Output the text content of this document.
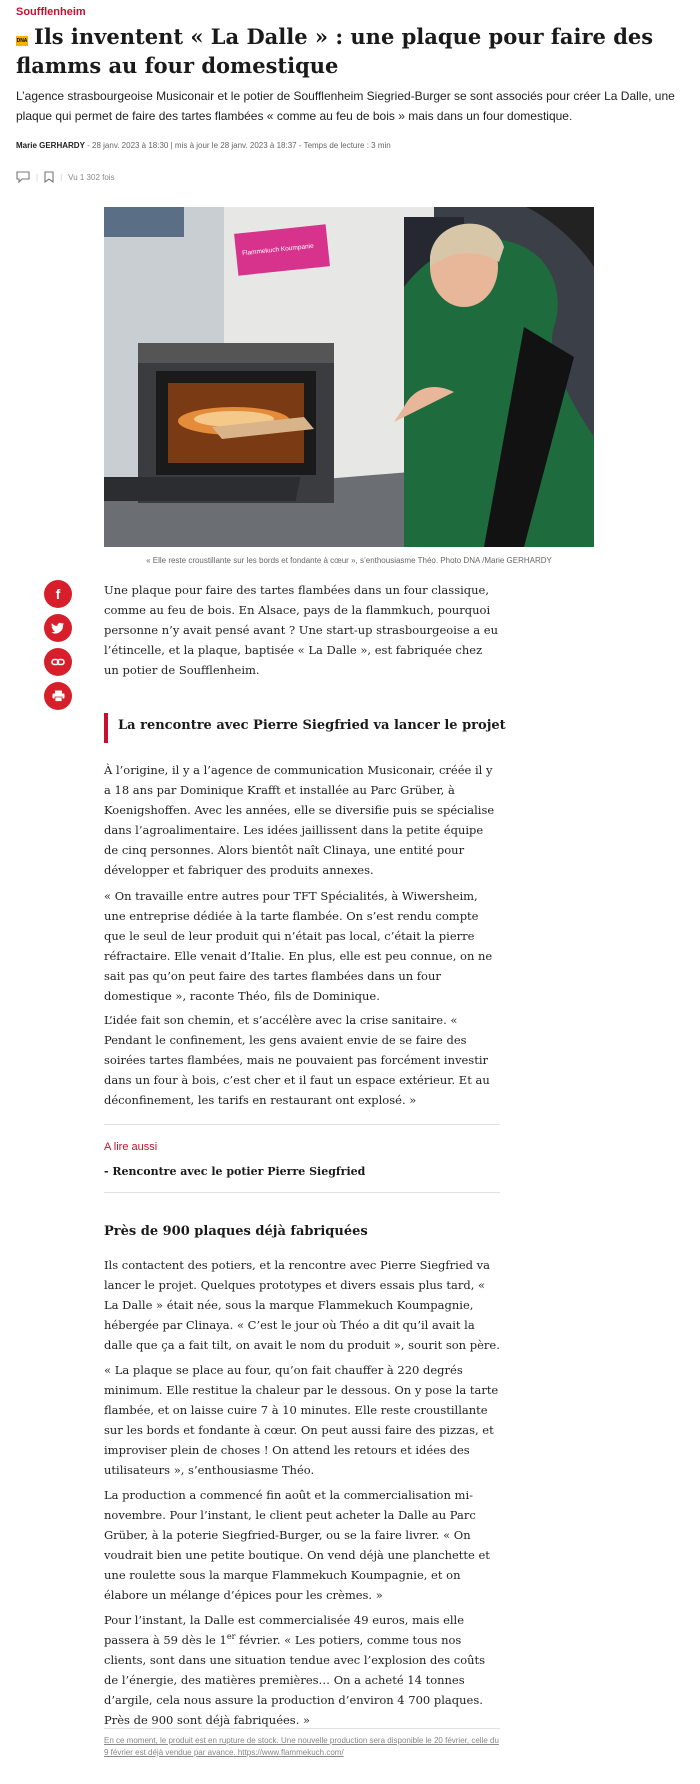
Soufflenheim
DNA Ils inventent « La Dalle » : une plaque pour faire des flamms au four domestique
L’agence strasbourgeoise Musiconair et le potier de Soufflenheim Siegried-Burger se sont associés pour créer La Dalle, une plaque qui permet de faire des tartes flambées « comme au feu de bois » mais dans un four domestique.
Marie GERHARDY - 28 janv. 2023 à 18:30 | mis à jour le 28 janv. 2023 à 18:37 - Temps de lecture : 3 min
|	| Vu 1 302 fois
Flammekuch Koumpanie
« Elle reste croustillante sur les bords et fondante à cœur », s’enthousiasme Théo. Photo DNA /Marie GERHARDY
f	Une plaque pour faire des tartes flambées dans un four classique, comme au feu de bois. En Alsace, pays de la flammkuch, pourquoi personne n’y avait pensé avant ? Une start-up strasbourgeoise a eu l’étincelle, et la plaque, baptisée « La Dalle », est fabriquée chez un potier de Soufflenheim.

La rencontre avec Pierre Siegfried va lancer le projet

À l’origine, il y a l’agence de communication Musiconair, créée il y a 18 ans par Dominique Krafft et installée au Parc Grüber, à Koenigshoffen. Avec les années, elle se diversifie puis se spécialise dans l’agroalimentaire. Les idées jaillissent dans la petite équipe de cinq personnes. Alors bientôt naît Clinaya, une entité pour développer et fabriquer des produits annexes.

« On travaille entre autres pour TFT Spécialités, à Wiwersheim, une entreprise dédiée à la tarte flambée. On s’est rendu compte que le seul de leur produit qui n’était pas local, c’était la pierre réfractaire. Elle venait d’Italie. En plus, elle est peu connue, on ne sait pas qu’on peut faire des tartes flambées dans un four domestique », raconte Théo, fils de Dominique.

L’idée fait son chemin, et s’accélère avec la crise sanitaire. « Pendant le confinement, les gens avaient envie de se faire des soirées tartes flambées, mais ne pouvaient pas forcément investir dans un four à bois, c’est cher et il faut un espace extérieur. Et au déconfinement, les tarifs en restaurant ont explosé. »

A lire aussi
- Rencontre avec le potier Pierre Siegfried
Près de 900 plaques déjà fabriquées

Ils contactent des potiers, et la rencontre avec Pierre Siegfried va lancer le projet. Quelques prototypes et divers essais plus tard, « La Dalle » était née, sous la marque Flammekuch Koumpagnie, hébergée par Clinaya. « C’est le jour où Théo a dit qu’il avait la dalle que ça a fait tilt, on avait le nom du produit », sourit son père.

« La plaque se place au four, qu’on fait chauffer à 220 degrés minimum. Elle restitue la chaleur par le dessous. On y pose la tarte flambée, et on laisse cuire 7 à 10 minutes. Elle reste croustillante sur les bords et fondante à cœur. On peut aussi faire des pizzas, et improviser plein de choses ! On attend les retours et idées des utilisateurs », s’enthousiasme Théo.

La production a commencé fin août et la commercialisation mi-novembre. Pour l’instant, le client peut acheter la Dalle au Parc Grüber, à la poterie Siegfried-Burger, ou se la faire livrer. « On voudrait bien une petite boutique. On vend déjà une planchette et une roulette sous la marque Flammekuch Koumpagnie, et on élabore un mélange d’épices pour les crèmes. »

Pour l’instant, la Dalle est commercialisée 49 euros, mais elle passera à 59 dès le 1er février. « Les potiers, comme tous nos clients, sont dans une situation tendue avec l’explosion des coûts de l’énergie, des matières premières… On a acheté 14 tonnes d’argile, cela nous assure la production d’environ 4 700 plaques. Près de 900 sont déjà fabriquées. »

En ce moment, le produit est en rupture de stock. Une nouvelle production sera disponible le 20 février, celle du 9 février est déjà vendue par avance. https://www.flammekuch.com/
